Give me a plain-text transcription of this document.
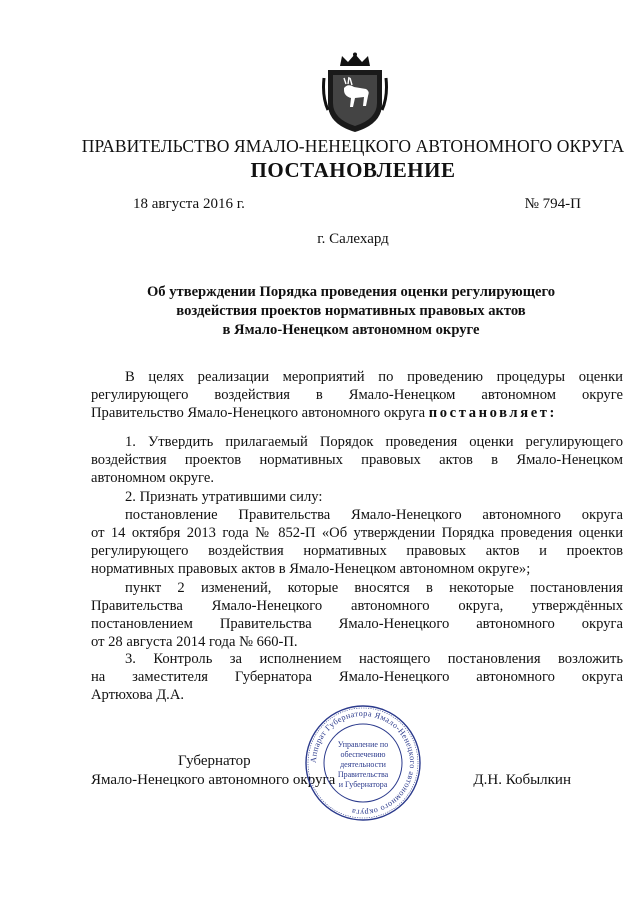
ПРАВИТЕЛЬСТВО ЯМАЛО-НЕНЕЦКОГО АВТОНОМНОГО ОКРУГА
ПОСТАНОВЛЕНИЕ
18 августа 2016 г.	№ 794-П
г. Салехард
Об утверждении Порядка проведения оценки регулирующего
воздействия проектов нормативных правовых актов
в Ямало-Ненецком автономном округе
В целях реализации мероприятий по проведению процедуры оценки
регулирующего воздействия в Ямало-Ненецком автономном округе
Правительство Ямало-Ненецкого автономного округа постановляет:
1. Утвердить прилагаемый Порядок проведения оценки регулирующего
воздействия проектов нормативных правовых актов в Ямало-Ненецком
автономном округе.
2. Признать утратившими силу:
постановление Правительства Ямало-Ненецкого автономного округа
от 14 октября 2013 года № 852-П «Об утверждении Порядка проведения оценки
регулирующего воздействия нормативных правовых актов и проектов
нормативных правовых актов в Ямало-Ненецком автономном округе»;
пункт 2 изменений, которые вносятся в некоторые постановления
Правительства Ямало-Ненецкого автономного округа, утверждённых
постановлением Правительства Ямало-Ненецкого автономного округа
от 28 августа 2014 года № 660-П.
3. Контроль за исполнением настоящего постановления возложить
на заместителя Губернатора Ямало-Ненецкого автономного округа
Артюхова Д.А.
Губернатор
Ямало-Ненецкого автономного округа	Д.Н. Кобылкин
Аппарат Губернатора Ямало-Ненецкого автономного округа
Управление по
обеспечению
деятельности
Правительства
и Губернатора
